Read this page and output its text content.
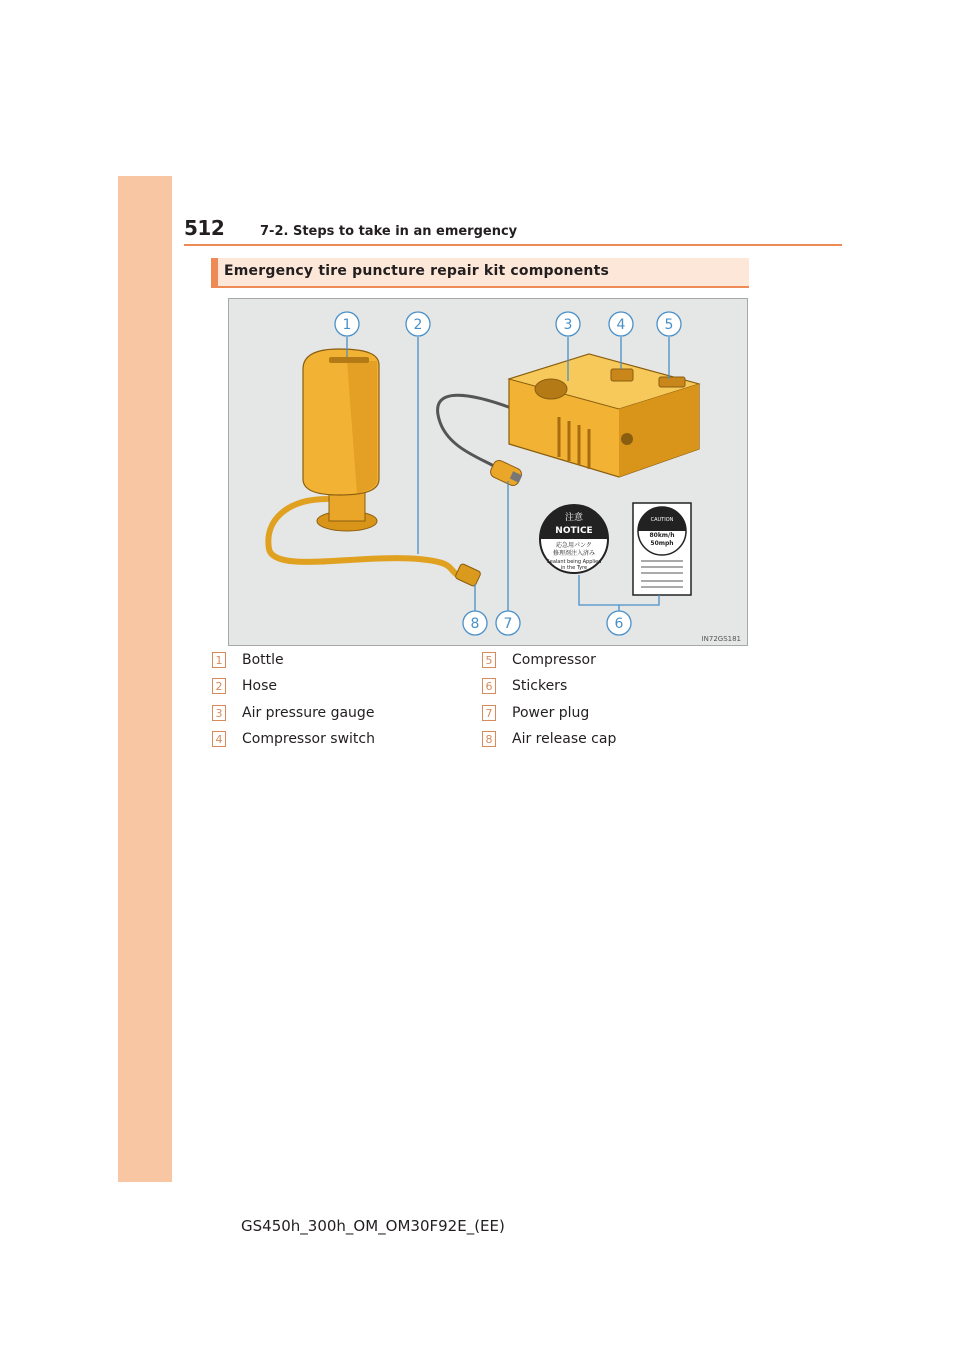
512	7-2. Steps to take in an emergency
Emergency tire puncture repair kit components
注意
NOTICE
応急用パンク
修理剤注入済み
Sealant being Applied
in the Tyre
CAUTION
80km/h
50mph
1	2	3	4	5
6
7
8
IN72GS181
1 Bottle
2 Hose
3 Air pressure gauge
4 Compressor switch
5 Compressor
6 Stickers
7 Power plug
8 Air release cap
GS450h_300h_OM_OM30F92E_(EE)
